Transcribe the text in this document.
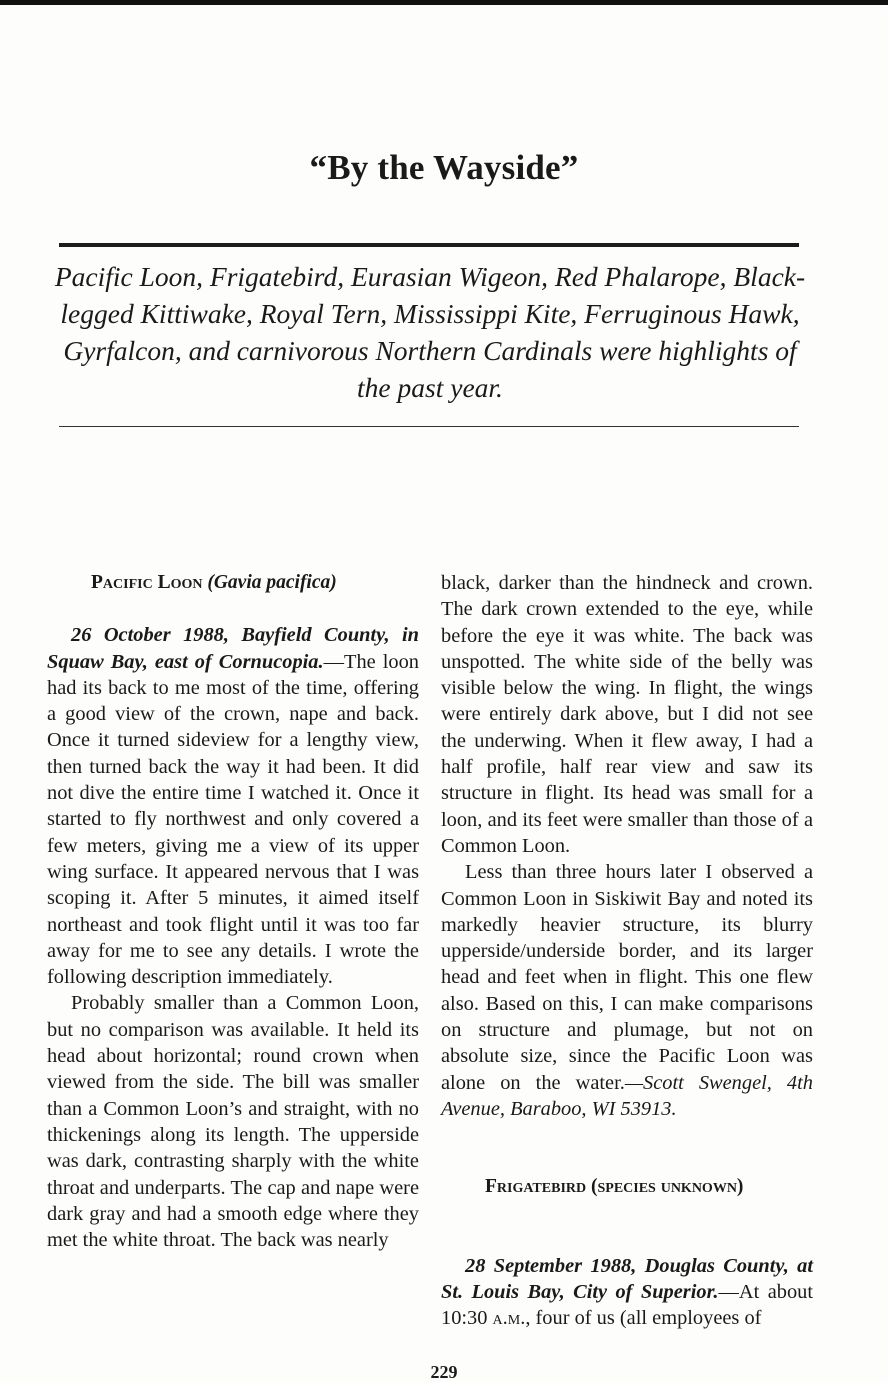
“By the Wayside”

Pacific Loon, Frigatebird, Eurasian Wigeon, Red Phalarope, Black-legged Kittiwake, Royal Tern, Mississippi Kite, Ferruginous Hawk, Gyrfalcon, and carnivorous Northern Cardinals were highlights of the past year.

Pacific Loon (Gavia pacifica)

26 October 1988, Bayfield County, in Squaw Bay, east of Cornucopia.—The loon had its back to me most of the time, offering a good view of the crown, nape and back. Once it turned sideview for a lengthy view, then turned back the way it had been. It did not dive the entire time I watched it. Once it started to fly northwest and only covered a few meters, giving me a view of its upper wing surface. It appeared nervous that I was scoping it. After 5 minutes, it aimed itself northeast and took flight until it was too far away for me to see any details. I wrote the following description immediately.

Probably smaller than a Common Loon, but no comparison was available. It held its head about horizontal; round crown when viewed from the side. The bill was smaller than a Common Loon’s and straight, with no thickenings along its length. The upperside was dark, contrasting sharply with the white throat and underparts. The cap and nape were dark gray and had a smooth edge where they met the white throat. The back was nearly

black, darker than the hindneck and crown. The dark crown extended to the eye, while before the eye it was white. The back was unspotted. The white side of the belly was visible below the wing. In flight, the wings were entirely dark above, but I did not see the underwing. When it flew away, I had a half profile, half rear view and saw its structure in flight. Its head was small for a loon, and its feet were smaller than those of a Common Loon.

Less than three hours later I observed a Common Loon in Siskiwit Bay and noted its markedly heavier structure, its blurry upperside/underside border, and its larger head and feet when in flight. This one flew also. Based on this, I can make comparisons on structure and plumage, but not on absolute size, since the Pacific Loon was alone on the water.—Scott Swengel, 4th Avenue, Baraboo, WI 53913.

Frigatebird (species unknown)

28 September 1988, Douglas County, at St. Louis Bay, City of Superior.—At about 10:30 a.m., four of us (all employees of

229
